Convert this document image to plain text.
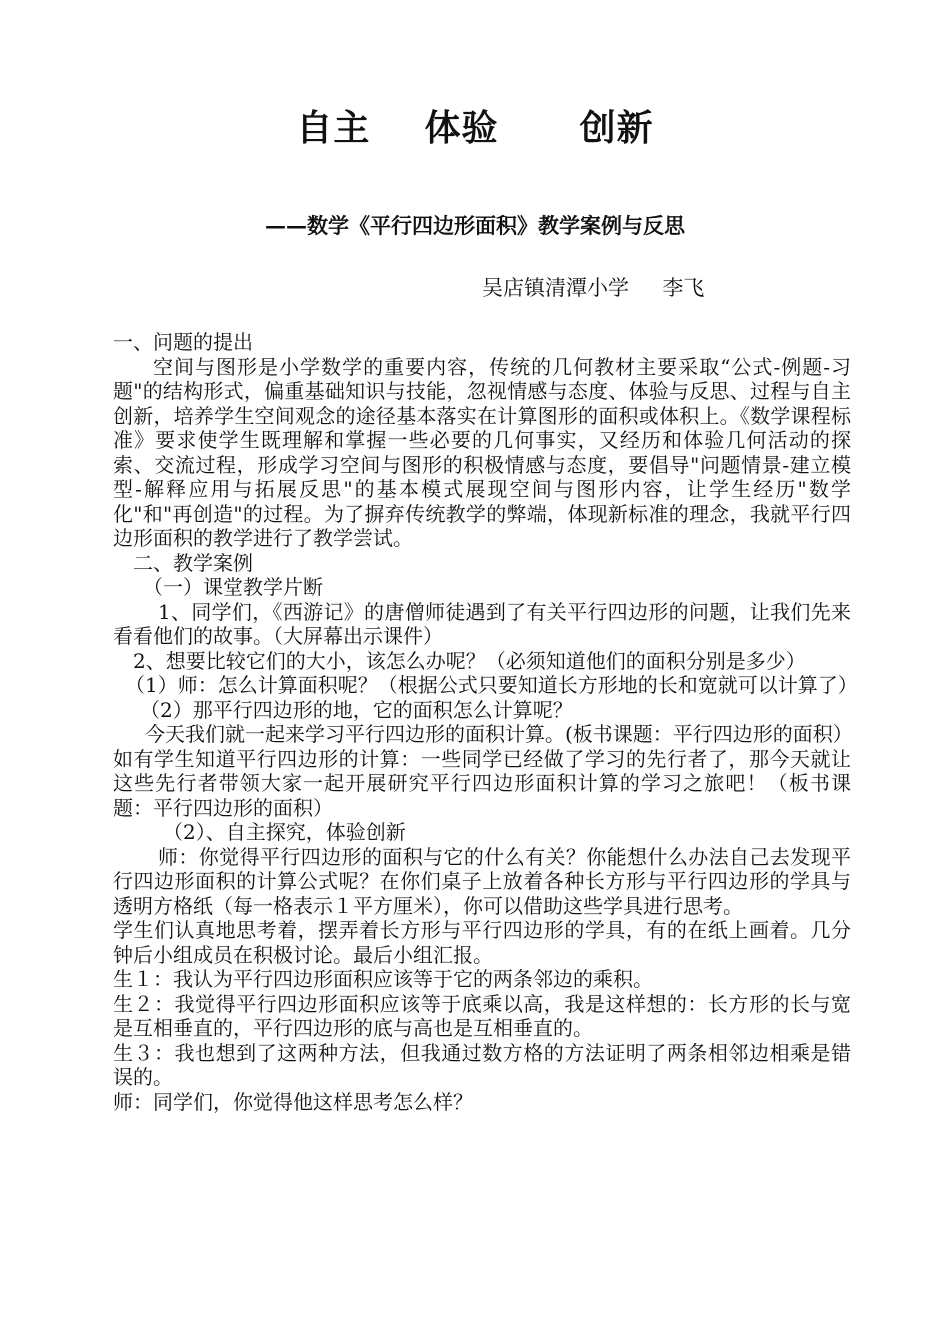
自主    体验      创新
——数学《平行四边形面积》教学案例与反思

吴店镇清潭小学     李飞

一、问题的提出

空间与图形是小学数学的重要内容，传统的几何教材主要采取“公式-例题-习题"的结构形式，偏重基础知识与技能，忽视情感与态度、体验与反思、过程与自主创新，培养学生空间观念的途径基本落实在计算图形的面积或体积上。《数学课程标准》要求使学生既理解和掌握一些必要的几何事实，又经历和体验几何活动的探索、交流过程，形成学习空间与图形的积极情感与态度，要倡导"问题情景-建立模型-解释应用与拓展反思"的基本模式展现空间与图形内容，让学生经历"数学化"和"再创造"的过程。为了摒弃传统教学的弊端，体现新标准的理念，我就平行四边形面积的教学进行了教学尝试。

二、教学案例

（一）课堂教学片断

1、同学们，《西游记》的唐僧师徒遇到了有关平行四边形的问题，让我们先来看看他们的故事。（大屏幕出示课件）

2、想要比较它们的大小，该怎么办呢？（必须知道他们的面积分别是多少）

（1）师：怎么计算面积呢？（根据公式只要知道长方形地的长和宽就可以计算了）

（2）那平行四边形的地，它的面积怎么计算呢？

今天我们就一起来学习平行四边形的面积计算。(板书课题：平行四边形的面积）

如有学生知道平行四边形的计算：一些同学已经做了学习的先行者了，那今天就让这些先行者带领大家一起开展研究平行四边形面积计算的学习之旅吧！（板书课题：平行四边形的面积）

（2）、自主探究，体验创新

师：你觉得平行四边形的面积与它的什么有关？你能想什么办法自己去发现平行四边形面积的计算公式呢？在你们桌子上放着各种长方形与平行四边形的学具与透明方格纸（每一格表示１平方厘米），你可以借助这些学具进行思考。

学生们认真地思考着，摆弄着长方形与平行四边形的学具，有的在纸上画着。几分钟后小组成员在积极讨论。最后小组汇报。

生１：我认为平行四边形面积应该等于它的两条邻边的乘积。

生２：我觉得平行四边形面积应该等于底乘以高，我是这样想的：长方形的长与宽是互相垂直的，平行四边形的底与高也是互相垂直的。

生３：我也想到了这两种方法，但我通过数方格的方法证明了两条相邻边相乘是错误的。

师：同学们，你觉得他这样思考怎么样？
